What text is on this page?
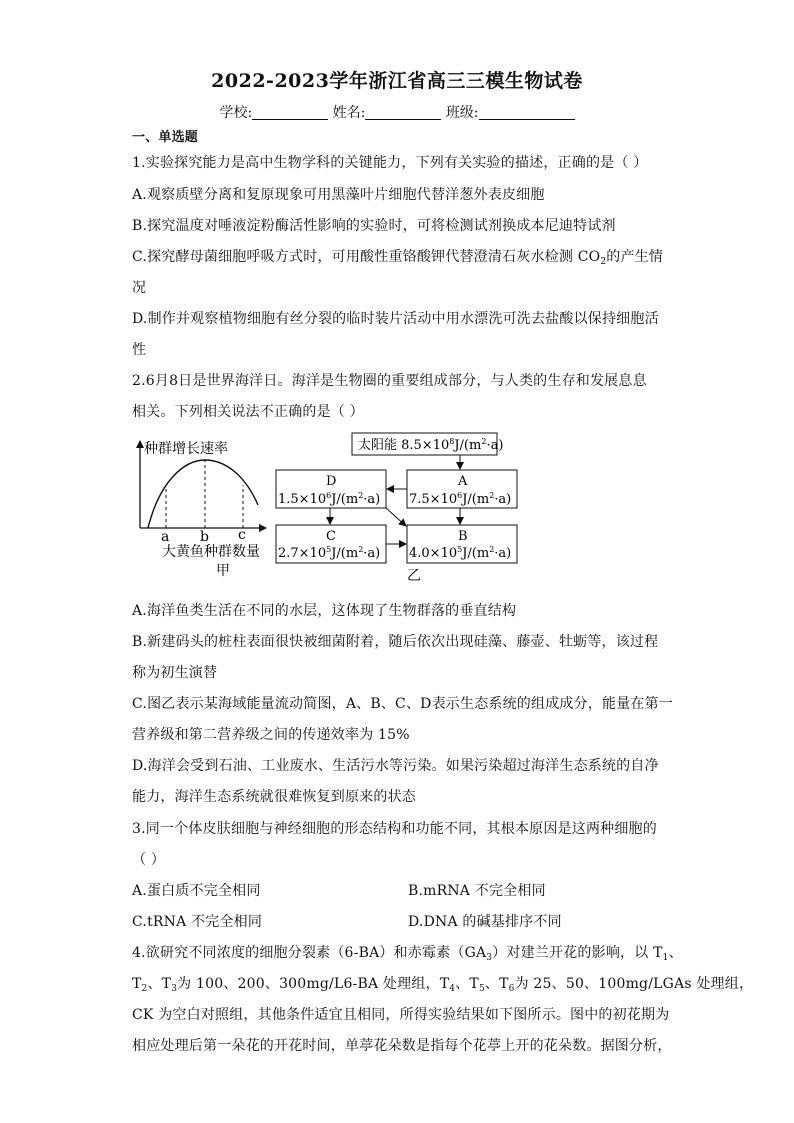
2022-2023学年浙江省高三三模生物试卷
学校:	姓名:	班级:
一、单选题
1.实验探究能力是高中生物学科的关键能力，下列有关实验的描述，正确的是（ ）
A.观察质壁分离和复原现象可用黑藻叶片细胞代替洋葱外表皮细胞
B.探究温度对唾液淀粉酶活性影响的实验时，可将检测试剂换成本尼迪特试剂
C.探究酵母菌细胞呼吸方式时，可用酸性重铬酸钾代替澄清石灰水检测 $CO_2$的产生情
况
D.制作并观察植物细胞有丝分裂的临时装片活动中用水漂洗可洗去盐酸以保持细胞活
性
2.6月8日是世界海洋日。海洋是生物圈的重要组成部分，与人类的生存和发展息息
相关。下列相关说法不正确的是（ ）
种群增长速率
a b c
大黄鱼种群数量
甲
太阳能 $8.5\times 10^8J/(m^2\cdot a)$
A
$7.5\times 10^6J/(m^2\cdot a)$
D
$1.5\times 10^6J/(m^2\cdot a)$
C
$2.7\times 10^5J/(m^2\cdot a)$
B
$4.0\times 10^5J/(m^2\cdot a)$
乙
A.海洋鱼类生活在不同的水层，这体现了生物群落的垂直结构
B.新建码头的桩柱表面很快被细菌附着，随后依次出现硅藻、藤壶、牡蛎等，该过程
称为初生演替
C.图乙表示某海域能量流动简图，A、B、C、D表示生态系统的组成成分，能量在第一
营养级和第二营养级之间的传递效率为 15%
D.海洋会受到石油、工业废水、生活污水等污染。如果污染超过海洋生态系统的自净
能力，海洋生态系统就很难恢复到原来的状态
3.同一个体皮肤细胞与神经细胞的形态结构和功能不同，其根本原因是这两种细胞的
（ ）
A.蛋白质不完全相同	B.mRNA 不完全相同
C.tRNA 不完全相同	D.DNA 的碱基排序不同
4.欲研究不同浓度的细胞分裂素（6-BA）和赤霉素$(GA_3)$对建兰开花的影响，以 $T_1$、
$T_2$、$T_3$为 100、200、300mg/L6-BA 处理组，$T_4$、$T_5$、$T_6$为 25、50、100mg/LGAs 处理组，
CK 为空白对照组，其他条件适宜且相同，所得实验结果如下图所示。图中的初花期为
相应处理后第一朵花的开花时间，单葶花朵数是指每个花葶上开的花朵数。据图分析，
